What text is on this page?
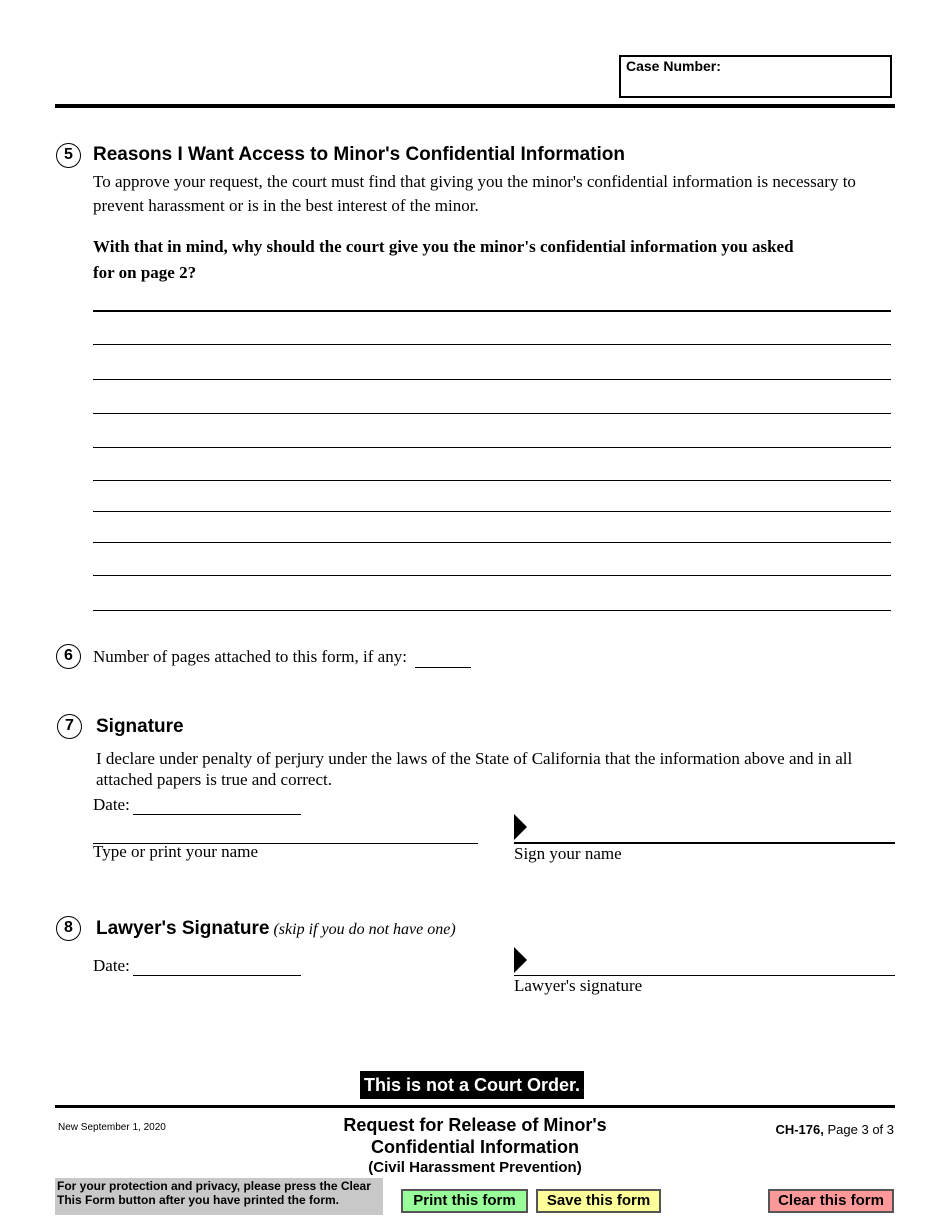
Case Number:
5	Reasons I Want Access to Minor's Confidential Information
To approve your request, the court must find that giving you the minor's confidential information is necessary to
prevent harassment or is in the best interest of the minor.
With that in mind, why should the court give you the minor's confidential information you asked
for on page 2?
6	Number of pages attached to this form, if any:
7	Signature
I declare under penalty of perjury under the laws of the State of California that the information above and in all
attached papers is true and correct.
Date:
Type or print your name	Sign your name
8	Lawyer's Signature (skip if you do not have one)
Date:
Lawyer's signature
This is not a Court Order.
New September 1, 2020	Request for Release of Minor's
Confidential Information
(Civil Harassment Prevention)
CH-176, Page 3 of 3
For your protection and privacy, please press the Clear
This Form button after you have printed the form.	Print this form	Save this form	Clear this form
